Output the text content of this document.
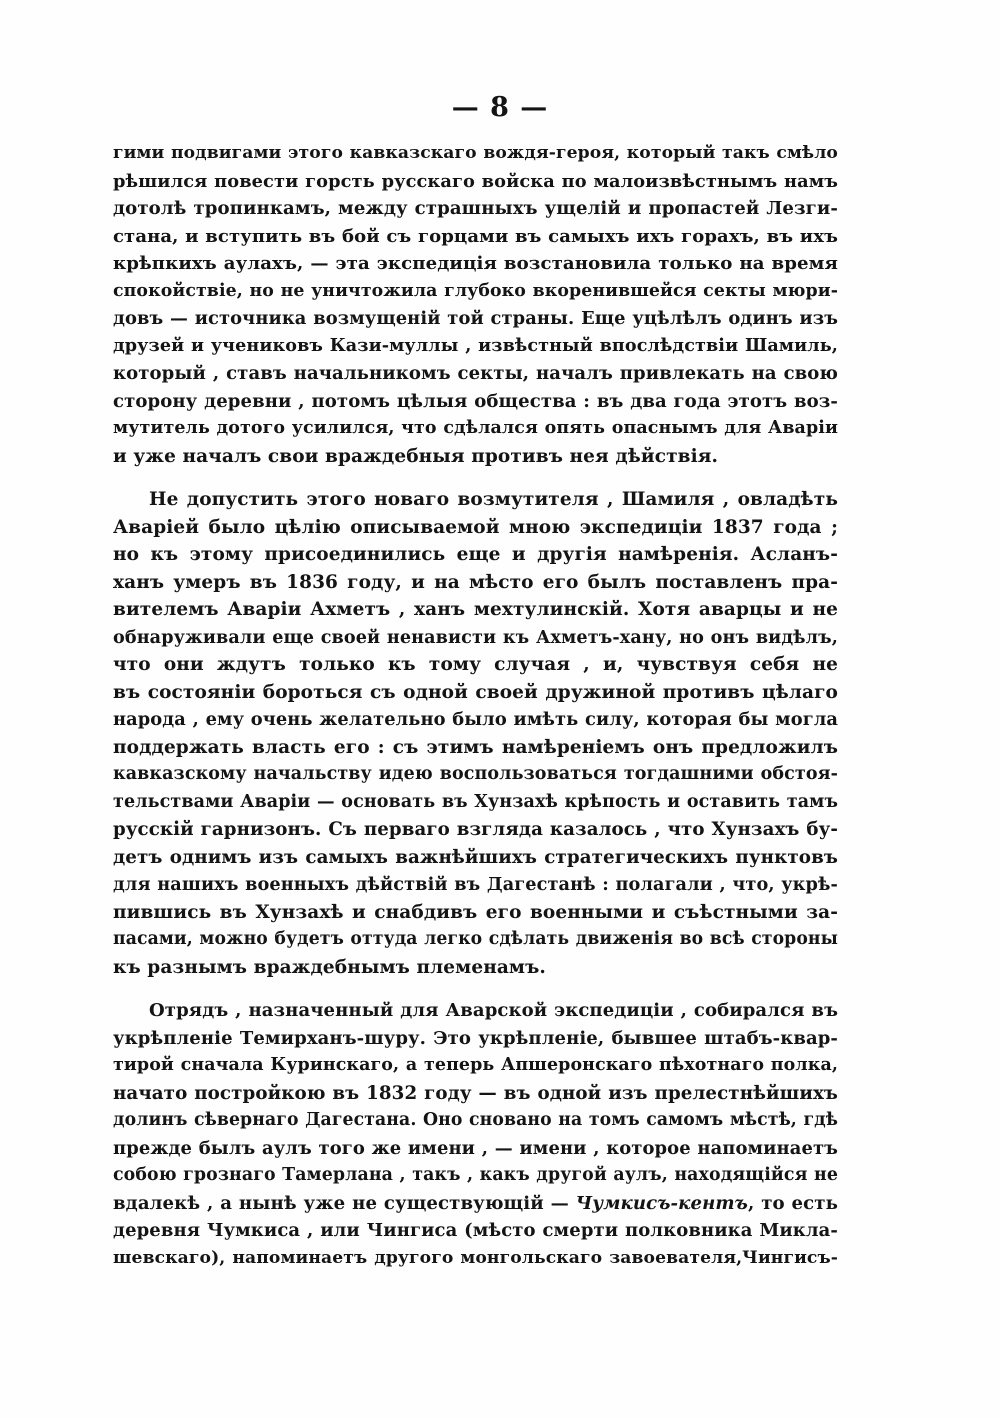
— 8 —
гими подвигами этого кавказскаго вождя-героя, который такъ смѣло
рѣшился повести горсть русскаго войска по малоизвѣстнымъ намъ
дотолѣ тропинкамъ, между страшныхъ ущелій и пропастей Лезги-
стана, и вступить въ бой съ горцами въ самыхъ ихъ горахъ, въ ихъ
крѣпкихъ аулахъ, — эта экспедиція возстановила только на время
спокойствіе, но не уничтожила глубоко вкоренившейся секты мюри-
довъ — источника возмущеній той страны. Еще уцѣлѣлъ одинъ изъ
друзей и учениковъ Кази-муллы , извѣстный впослѣдствіи Шамиль,
который , ставъ начальникомъ секты, началъ привлекать на свою
сторону деревни , потомъ цѣлыя общества : въ два года этотъ воз-
мутитель дотого усилился, что сдѣлался опять опаснымъ для Аваріи
и уже началъ свои враждебныя противъ нея дѣйствія.
Не допустить этого новаго возмутителя , Шамиля , овладѣть
Аваріей было цѣлію описываемой мною экспедиціи 1837 года ;
но къ этому присоединились еще и другія намѣренія. Асланъ-
ханъ умеръ въ 1836 году, и на мѣсто его былъ поставленъ пра-
вителемъ Аваріи Ахметъ , ханъ мехтулинскій. Хотя аварцы и не
обнаруживали еще своей ненависти къ Ахметъ-хану, но онъ видѣлъ,
что они ждутъ только къ тому случая , и, чувствуя себя не
въ состояніи бороться съ одной своей дружиной противъ цѣлаго
народа , ему очень желательно было имѣть силу, которая бы могла
поддержать власть его : съ этимъ намѣреніемъ онъ предложилъ
кавказскому начальству идею воспользоваться тогдашними обстоя-
тельствами Аваріи — основать въ Хунзахѣ крѣпость и оставить тамъ
русскій гарнизонъ. Съ перваго взгляда казалось , что Хунзахъ бу-
детъ однимъ изъ самыхъ важнѣйшихъ стратегическихъ пунктовъ
для нашихъ военныхъ дѣйствій въ Дагестанѣ : полагали , что, укрѣ-
пившись въ Хунзахѣ и снабдивъ его военными и съѣстными за-
пасами, можно будетъ оттуда легко сдѣлать движенія во всѣ стороны
къ разнымъ враждебнымъ племенамъ.
Отрядъ , назначенный для Аварской экспедиціи , собирался въ
укрѣпленіе Темирханъ-шуру. Это укрѣпленіе, бывшее штабъ-квар-
тирой сначала Куринскаго, а теперь Апшеронскаго пѣхотнаго полка,
начато постройкою въ 1832 году — въ одной изъ прелестнѣйшихъ
долинъ сѣвернаго Дагестана. Оно сновано на томъ самомъ мѣстѣ, гдѣ
прежде былъ аулъ того же имени , — имени , которое напоминаетъ
собою грознаго Тамерлана , такъ , какъ другой аулъ, находящійся не
вдалекѣ , а нынѣ уже не существующій — Чумкисъ-кентъ, то есть
деревня Чумкиса , или Чингиса (мѣсто смерти полковника Микла-
шевскаго), напоминаетъ другого монгольскаго завоевателя,Чингисъ-
